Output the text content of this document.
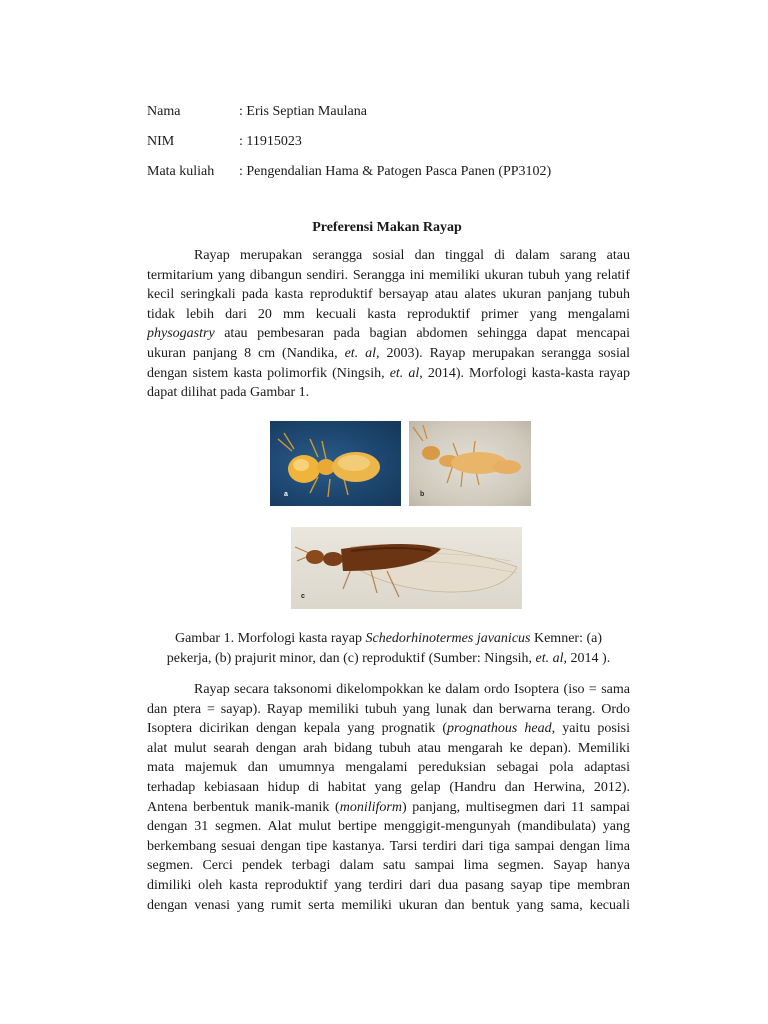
Nama	: Eris Septian Maulana
NIM	: 11915023
Mata kuliah : Pengendalian Hama & Patogen Pasca Panen (PP3102)
Preferensi Makan Rayap
Rayap merupakan serangga sosial dan tinggal di dalam sarang atau
termitarium yang dibangun sendiri. Serangga ini memiliki ukuran tubuh yang relatif
kecil seringkali pada kasta reproduktif bersayap atau alates ukuran panjang tubuh
tidak lebih dari 20 mm kecuali kasta reproduktif primer yang mengalami
physogastry atau pembesaran pada bagian abdomen sehingga dapat mencapai
ukuran panjang 8 cm (Nandika, et. al, 2003). Rayap merupakan serangga sosial
dengan sistem kasta polimorfik (Ningsih, et. al, 2014). Morfologi kasta-kasta rayap
dapat dilihat pada Gambar 1.
a	b
c
Gambar 1. Morfologi kasta rayap Schedorhinotermes javanicus Kemner: (a)
pekerja, (b) prajurit minor, dan (c) reproduktif (Sumber: Ningsih, et. al, 2014 ).
Rayap secara taksonomi dikelompokkan ke dalam ordo Isoptera (iso = sama
dan ptera = sayap). Rayap memiliki tubuh yang lunak dan berwarna terang. Ordo
Isoptera dicirikan dengan kepala yang prognatik (prognathous head, yaitu posisi
alat mulut searah dengan arah bidang tubuh atau mengarah ke depan). Memiliki
mata majemuk dan umumnya mengalami pereduksian sebagai pola adaptasi
terhadap kebiasaan hidup di habitat yang gelap (Handru dan Herwina, 2012).
Antena berbentuk manik-manik (moniliform) panjang, multisegmen dari 11 sampai
dengan 31 segmen. Alat mulut bertipe menggigit-mengunyah (mandibulata) yang
berkembang sesuai dengan tipe kastanya. Tarsi terdiri dari tiga sampai dengan lima
segmen. Cerci pendek terbagi dalam satu sampai lima segmen. Sayap hanya
dimiliki oleh kasta reproduktif yang terdiri dari dua pasang sayap tipe membran
dengan venasi yang rumit serta memiliki ukuran dan bentuk yang sama, kecuali
